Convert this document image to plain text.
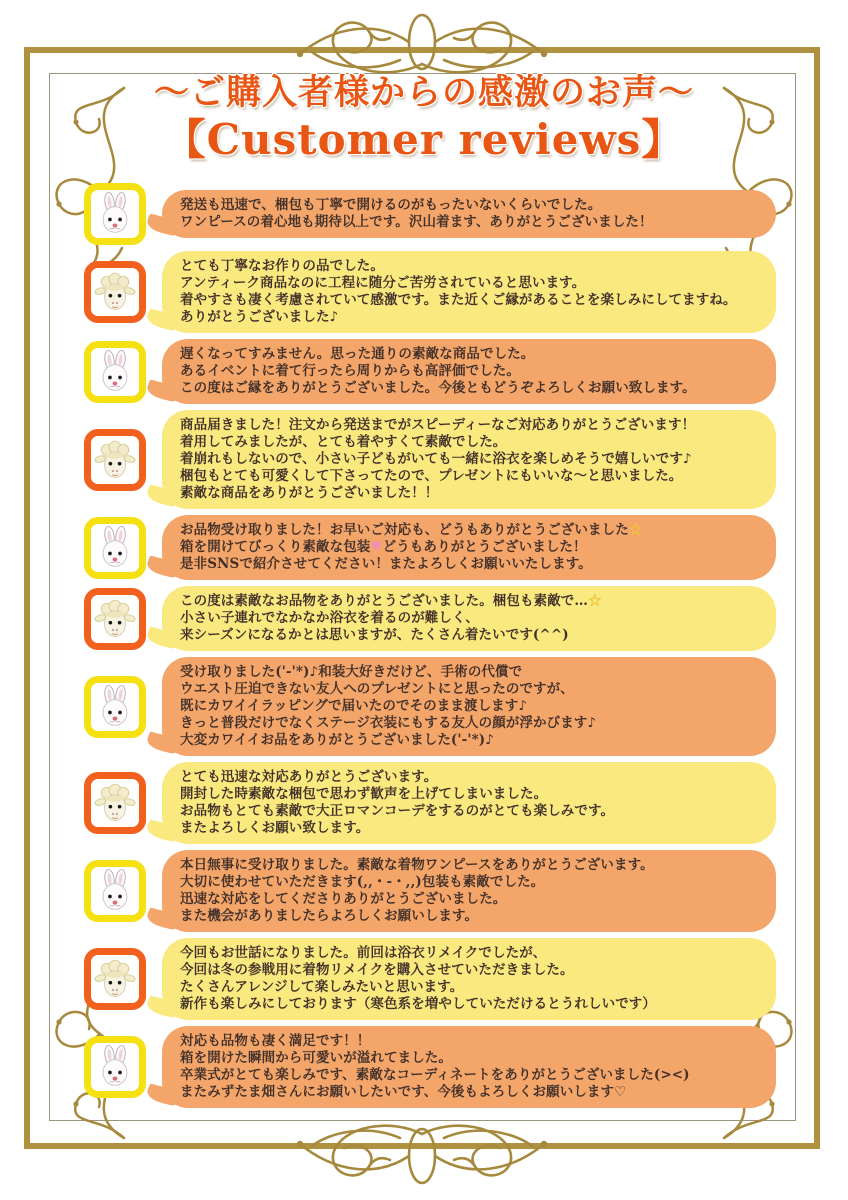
〜ご購入者様からの感激のお声〜
【Customer reviews】

発送も迅速で、梱包も丁寧で開けるのがもったいないくらいでした。
ワンピースの着心地も期待以上です。沢山着ます、ありがとうございました！

とても丁寧なお作りの品でした。
アンティーク商品なのに工程に随分ご苦労されていると思います。
着やすさも凄く考慮されていて感激です。また近くご縁があることを楽しみにしてますね。
ありがとうございました♪

遅くなってすみません。思った通りの素敵な商品でした。
あるイベントに着て行ったら周りからも高評価でした。
この度はご縁をありがとうございました。今後ともどうぞよろしくお願い致します。

商品届きました！注文から発送までがスピーディーなご対応ありがとうございます！
着用してみましたが、とても着やすくて素敵でした。
着崩れもしないので、小さい子どもがいても一緒に浴衣を楽しめそうで嬉しいです♪
梱包もとても可愛くして下さってたので、プレゼントにもいいな〜と思いました。
素敵な商品をありがとうございました！！

お品物受け取りました！お早いご対応も、どうもありがとうございました☆
箱を開けてびっくり素敵な包装♥どうもありがとうございました！
是非SNSで紹介させてください！またよろしくお願いいたします。

この度は素敵なお品物をありがとうございました。梱包も素敵で…☆
小さい子連れでなかなか浴衣を着るのが難しく、
来シーズンになるかとは思いますが、たくさん着たいです(^^)

受け取りました('-'*)♪和装大好きだけど、手術の代償で
ウエスト圧迫できない友人へのプレゼントにと思ったのですが、
既にカワイイラッピングで届いたのでそのまま渡します♪
きっと普段だけでなくステージ衣装にもする友人の顔が浮かびます♪
大変カワイイお品をありがとうございました('-'*)♪

とても迅速な対応ありがとうございます。
開封した時素敵な梱包で思わず歓声を上げてしまいました。
お品物もとても素敵で大正ロマンコーデをするのがとても楽しみです。
またよろしくお願い致します。

本日無事に受け取りました。素敵な着物ワンピースをありがとうございます。
大切に使わせていただきます(,,・‐・,,)包装も素敵でした。
迅速な対応をしてくださりありがとうございました。
また機会がありましたらよろしくお願いします。

今回もお世話になりました。前回は浴衣リメイクでしたが、
今回は冬の参戦用に着物リメイクを購入させていただきました。
たくさんアレンジして楽しみたいと思います。
新作も楽しみにしております（寒色系を増やしていただけるとうれしいです）

対応も品物も凄く満足です！！
箱を開けた瞬間から可愛いが溢れてました。
卒業式がとても楽しみです、素敵なコーディネートをありがとうございました(><)
またみずたま畑さんにお願いしたいです、今後もよろしくお願いします♡
